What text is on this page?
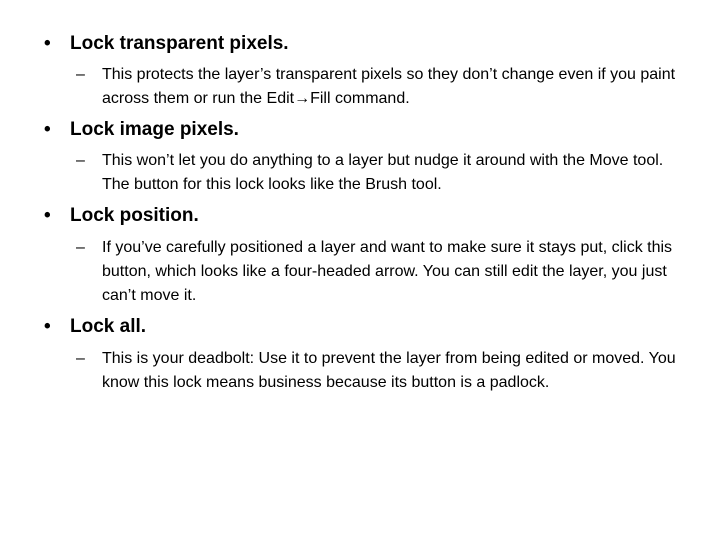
• Lock transparent pixels.
– This protects the layer’s transparent pixels so they don’t change even if you paint across them or run the Edit→Fill command.
• Lock image pixels.
– This won’t let you do anything to a layer but nudge it around with the Move tool. The button for this lock looks like the Brush tool.
• Lock position.
– If you’ve carefully positioned a layer and want to make sure it stays put, click this button, which looks like a four-headed arrow. You can still edit the layer, you just can’t move it.
• Lock all.
– This is your deadbolt: Use it to prevent the layer from being edited or moved. You know this lock means business because its button is a padlock.
